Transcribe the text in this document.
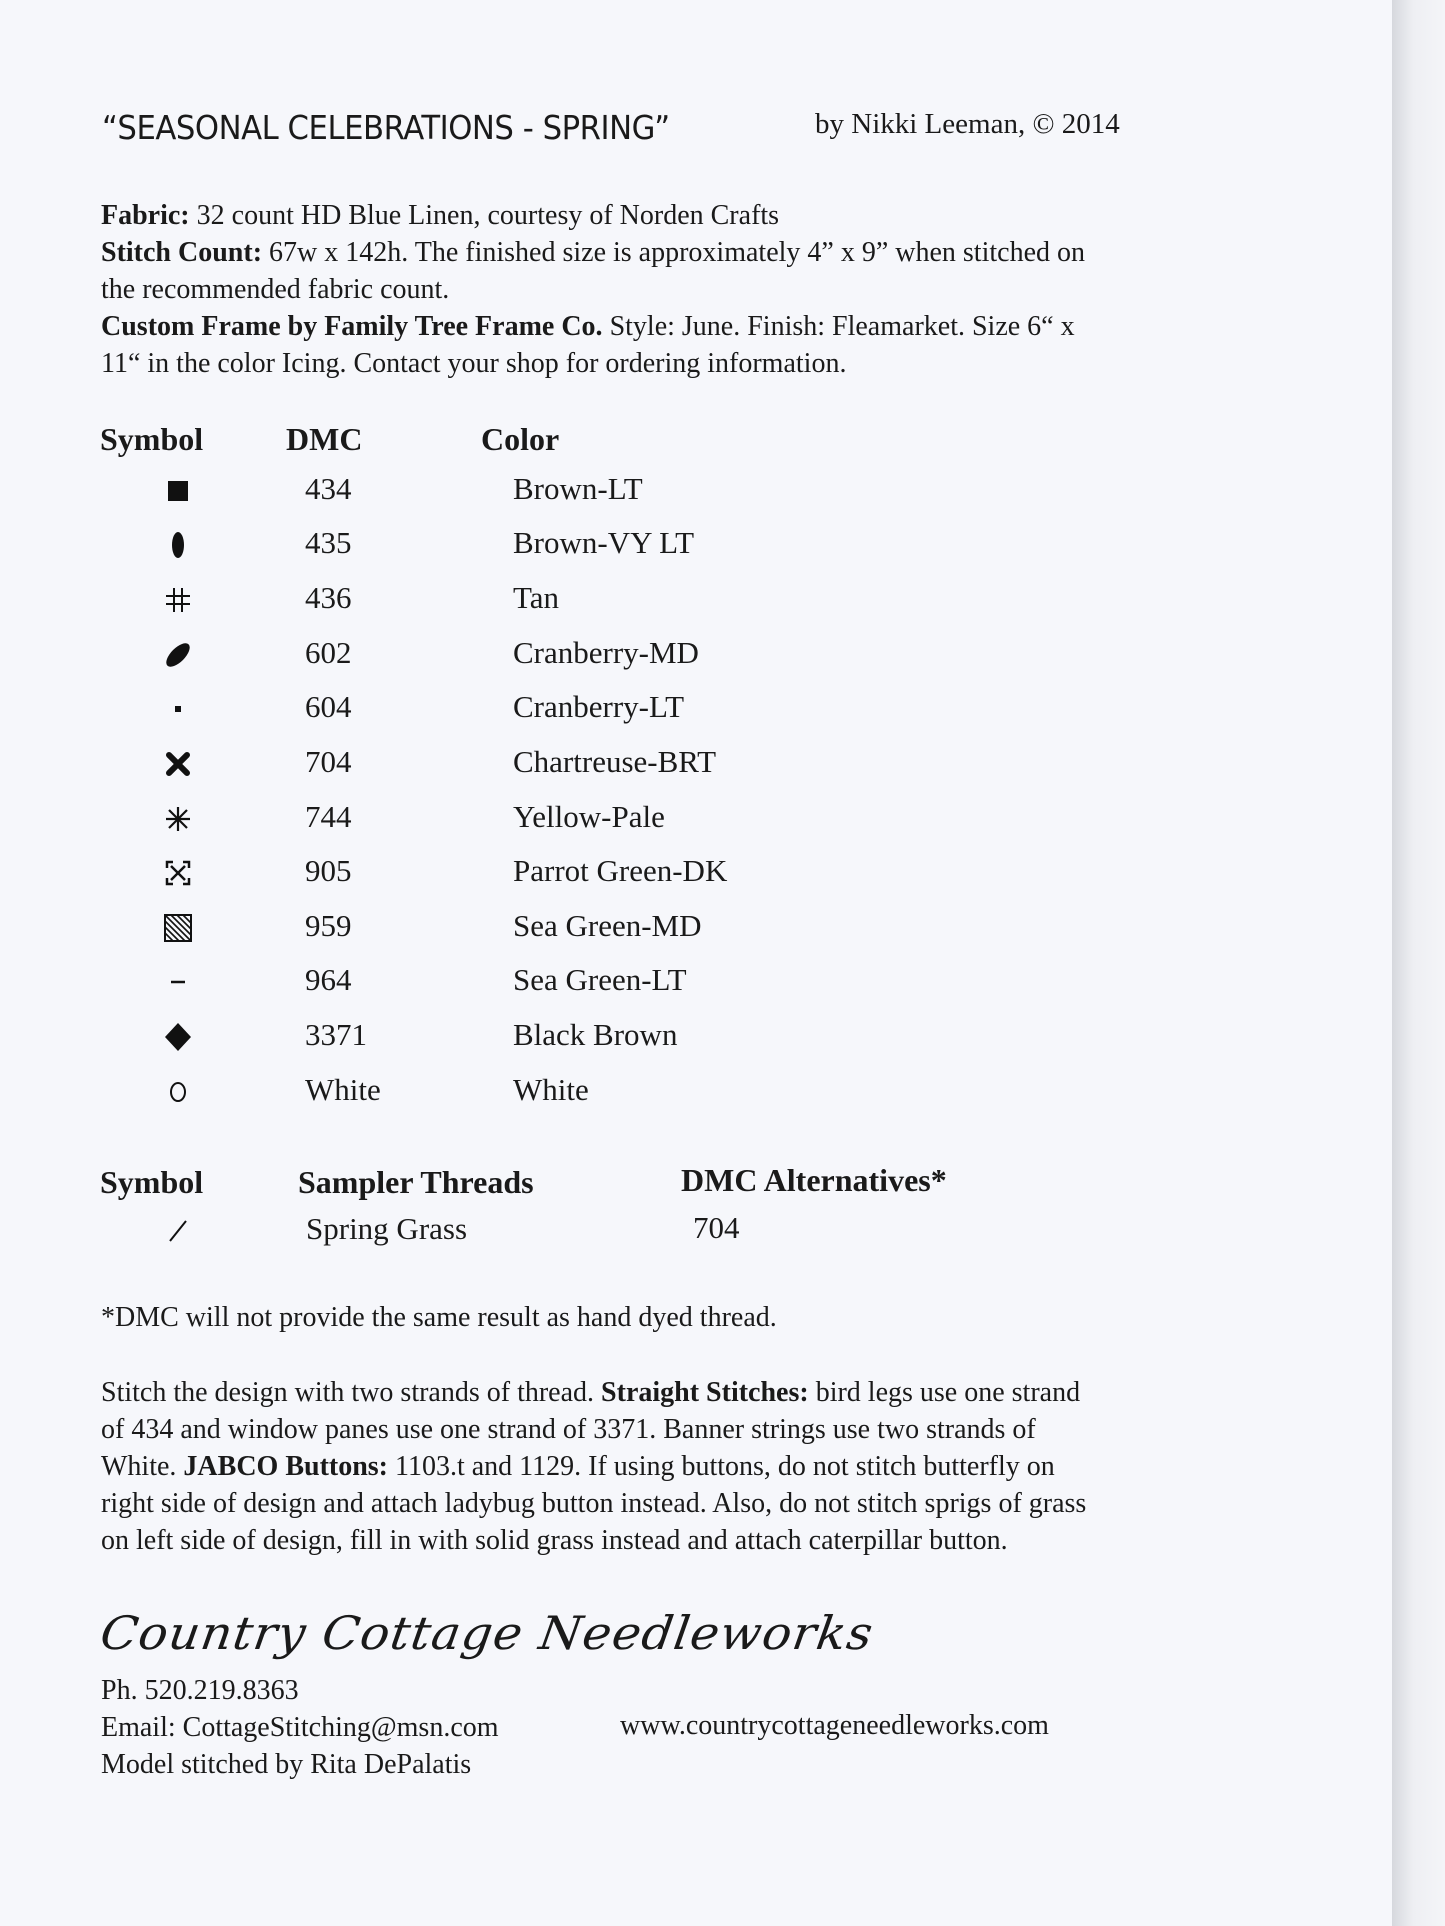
“SEASONAL CELEBRATIONS - SPRING”	by Nikki Leeman, © 2014
Fabric: 32 count HD Blue Linen, courtesy of Norden Crafts
Stitch Count: 67w x 142h. The finished size is approximately 4” x 9” when stitched on
the recommended fabric count.
Custom Frame by Family Tree Frame Co. Style: June. Finish: Fleamarket. Size 6“ x
11“ in the color Icing. Contact your shop for ordering information.
Symbol	DMC	Color
434	Brown-LT
435	Brown-VY LT
436	Tan
602	Cranberry-MD
604	Cranberry-LT
704	Chartreuse-BRT
744	Yellow-Pale
905	Parrot Green-DK
959	Sea Green-MD
964	Sea Green-LT
3371	Black Brown
White	White
Symbol	Sampler Threads	DMC Alternatives*
Spring Grass	704
*DMC will not provide the same result as hand dyed thread.
Stitch the design with two strands of thread. Straight Stitches: bird legs use one strand
of 434 and window panes use one strand of 3371. Banner strings use two strands of
White. JABCO Buttons: 1103.t and 1129. If using buttons, do not stitch butterfly on
right side of design and attach ladybug button instead. Also, do not stitch sprigs of grass
on left side of design, fill in with solid grass instead and attach caterpillar button.
Country Cottage Needleworks
Ph. 520.219.8363
Email: CottageStitching@msn.com	www.countrycottageneedleworks.com
Model stitched by Rita DePalatis
